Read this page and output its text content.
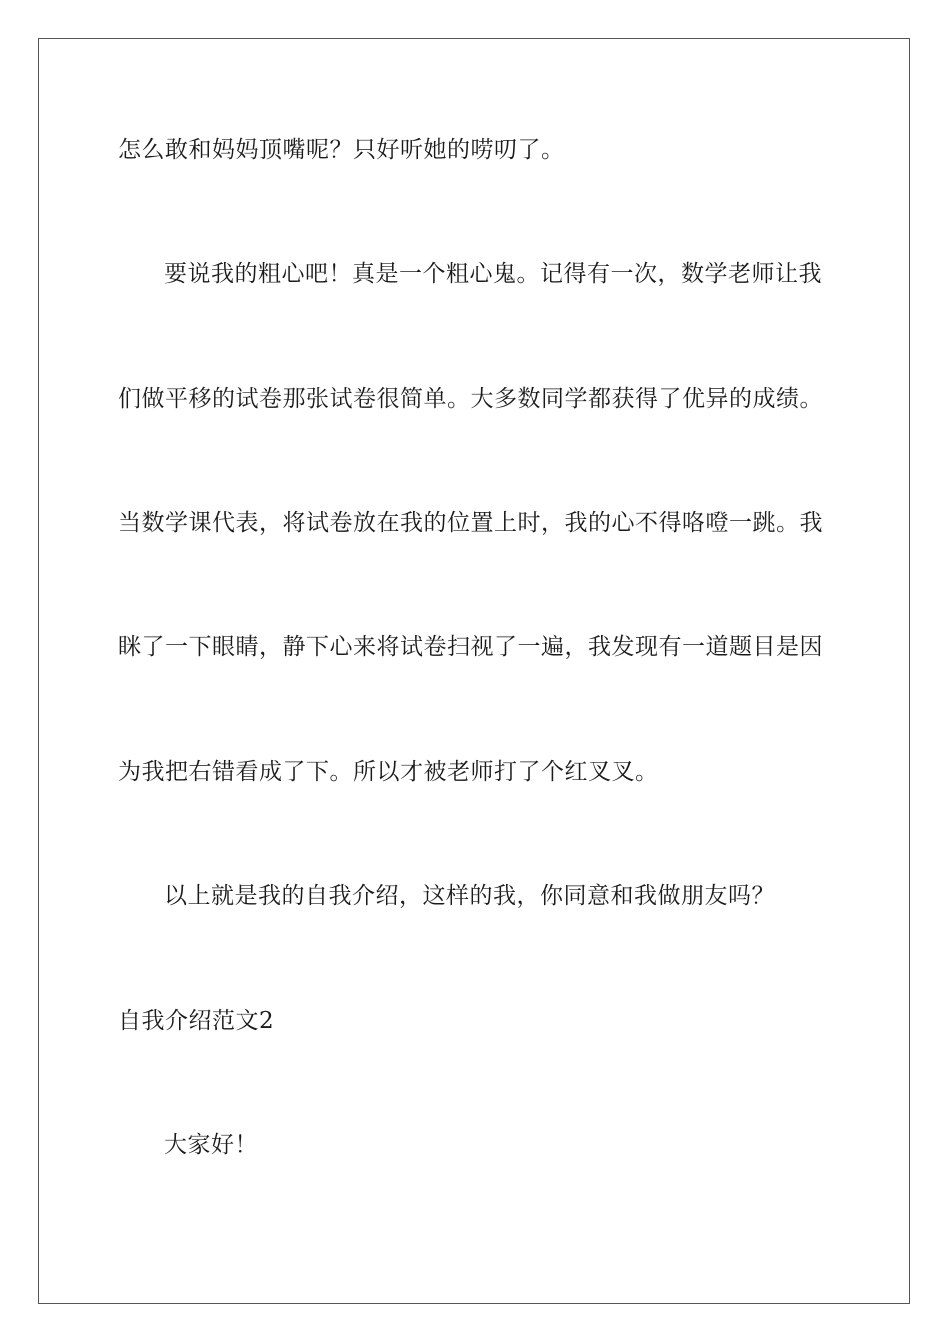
怎么敢和妈妈顶嘴呢？只好听她的唠叨了。
要说我的粗心吧！真是一个粗心鬼。记得有一次，数学老师让我
们做平移的试卷那张试卷很简单。大多数同学都获得了优异的成绩。
当数学课代表，将试卷放在我的位置上时，我的心不得咯噔一跳。我
眯了一下眼睛，静下心来将试卷扫视了一遍，我发现有一道题目是因
为我把右错看成了下。所以才被老师打了个红叉叉。
以上就是我的自我介绍，这样的我，你同意和我做朋友吗？
自我介绍范文2
大家好！
